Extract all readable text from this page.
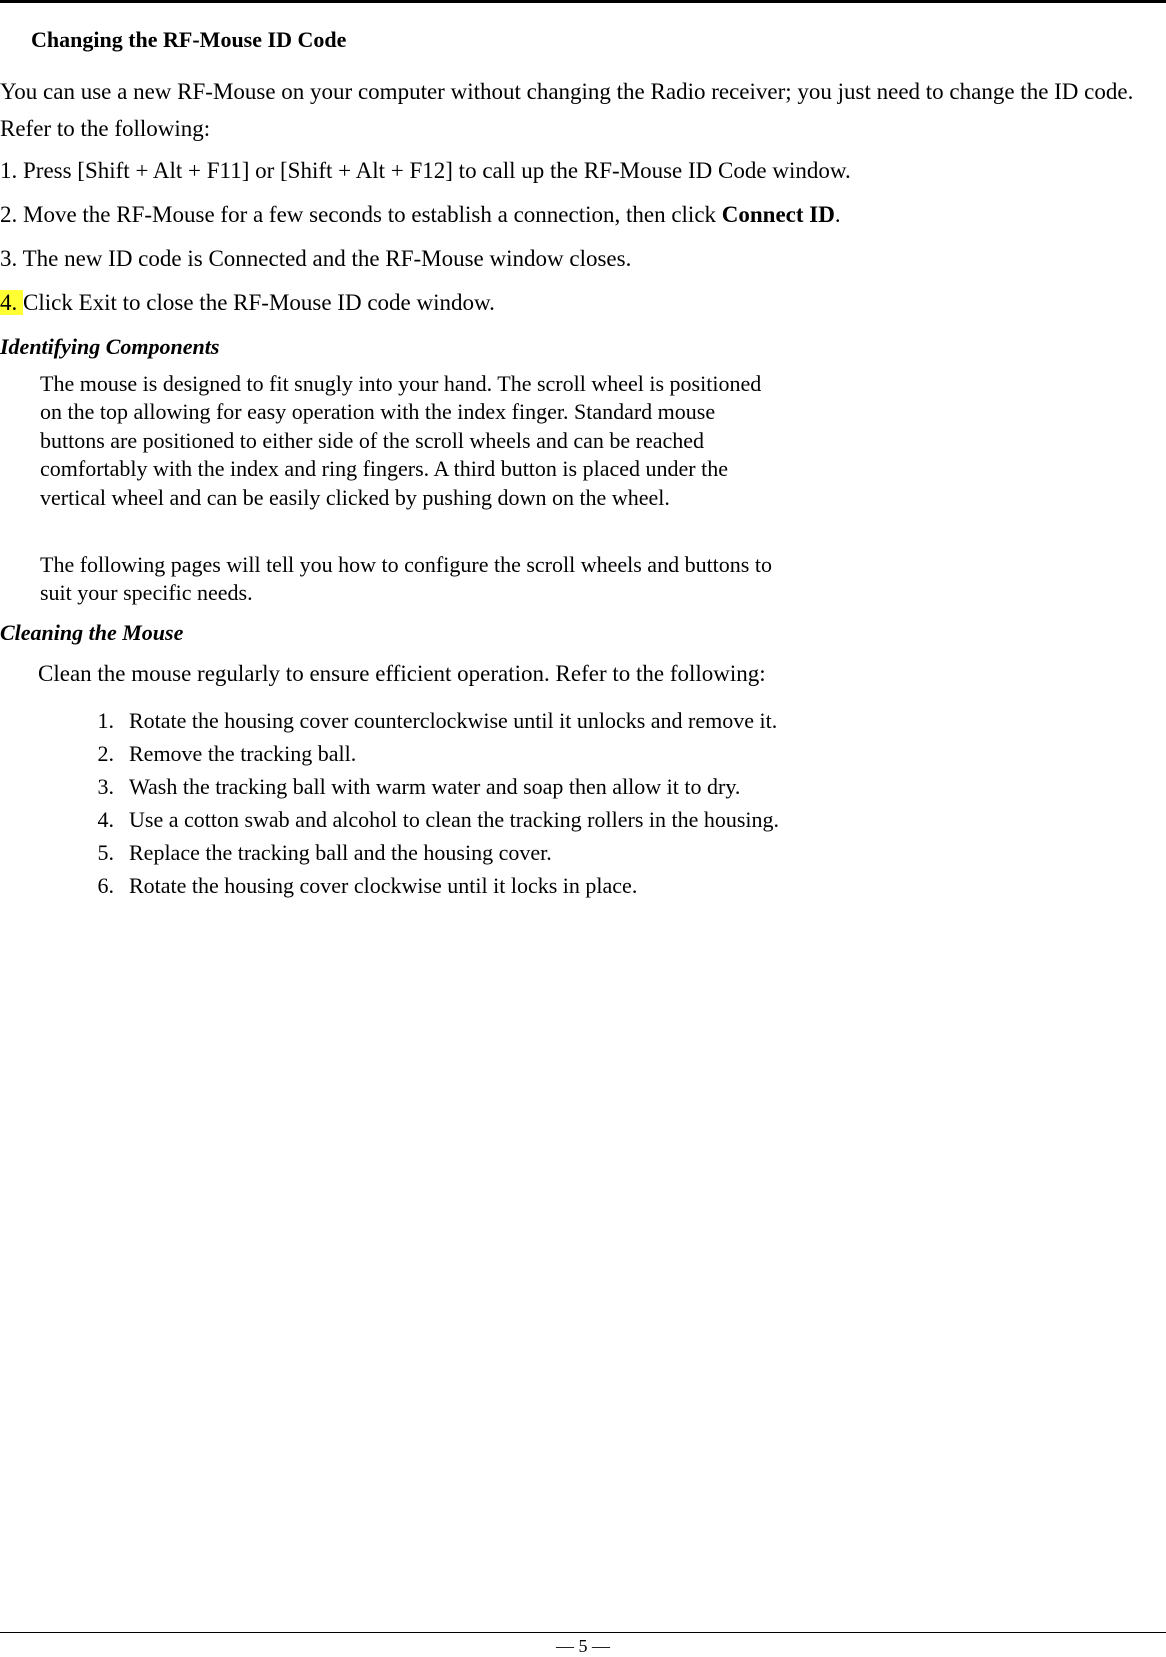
Changing the RF-Mouse ID Code
You can use a new RF-Mouse on your computer without changing the Radio receiver; you just need to change the ID code. Refer to the following:
1. Press [Shift + Alt + F11] or [Shift + Alt + F12] to call up the RF-Mouse ID Code window.
2. Move the RF-Mouse for a few seconds to establish a connection, then click Connect ID.
3. The new ID code is Connected and the RF-Mouse window closes.
4. Click Exit to close the RF-Mouse ID code window.
Identifying Components
The mouse is designed to fit snugly into your hand. The scroll wheel is positioned on the top allowing for easy operation with the index finger. Standard mouse buttons are positioned to either side of the scroll wheels and can be reached comfortably with the index and ring fingers. A third button is placed under the vertical wheel and can be easily clicked by pushing down on the wheel.
The following pages will tell you how to configure the scroll wheels and buttons to suit your specific needs.
Cleaning the Mouse
Clean the mouse regularly to ensure efficient operation. Refer to the following:
1. Rotate the housing cover counterclockwise until it unlocks and remove it.
2. Remove the tracking ball.
3. Wash the tracking ball with warm water and soap then allow it to dry.
4. Use a cotton swab and alcohol to clean the tracking rollers in the housing.
5. Replace the tracking ball and the housing cover.
6. Rotate the housing cover clockwise until it locks in place.
— 5 —
